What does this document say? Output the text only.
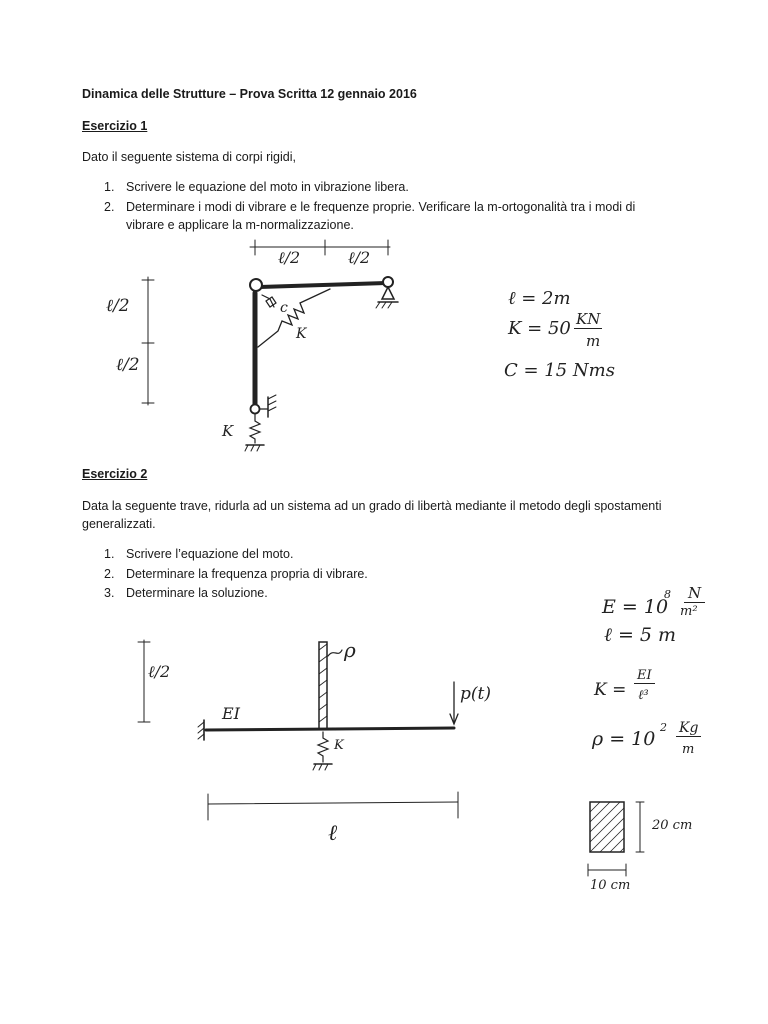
Dinamica delle Strutture – Prova Scritta 12 gennaio 2016
Esercizio 1
Dato il seguente sistema di corpi rigidi,
1. Scrivere le equazione del moto in vibrazione libera.
2. Determinare i modi di vibrare e le frequenze proprie. Verificare la m-ortogonalità tra i modi di
vibrare e applicare la m-normalizzazione.
ℓ/2	ℓ/2
ℓ/2
ℓ/2
c
K
K
ℓ = 2m
K = 50 KN
m
C = 15 Nms
Esercizio 2
Data la seguente trave, ridurla ad un sistema ad un grado di libertà mediante il metodo degli spostamenti
generalizzati.
1. Scrivere l’equazione del moto.
2. Determinare la frequenza propria di vibrare.
3. Determinare la soluzione.
ℓ/2
ρ
EI
p(t)
K
ℓ
E = 10
8 N
m²
ℓ = 5 m
K =
EI
ℓ³
ρ = 10
2 Kg
m
20 cm
10 cm
